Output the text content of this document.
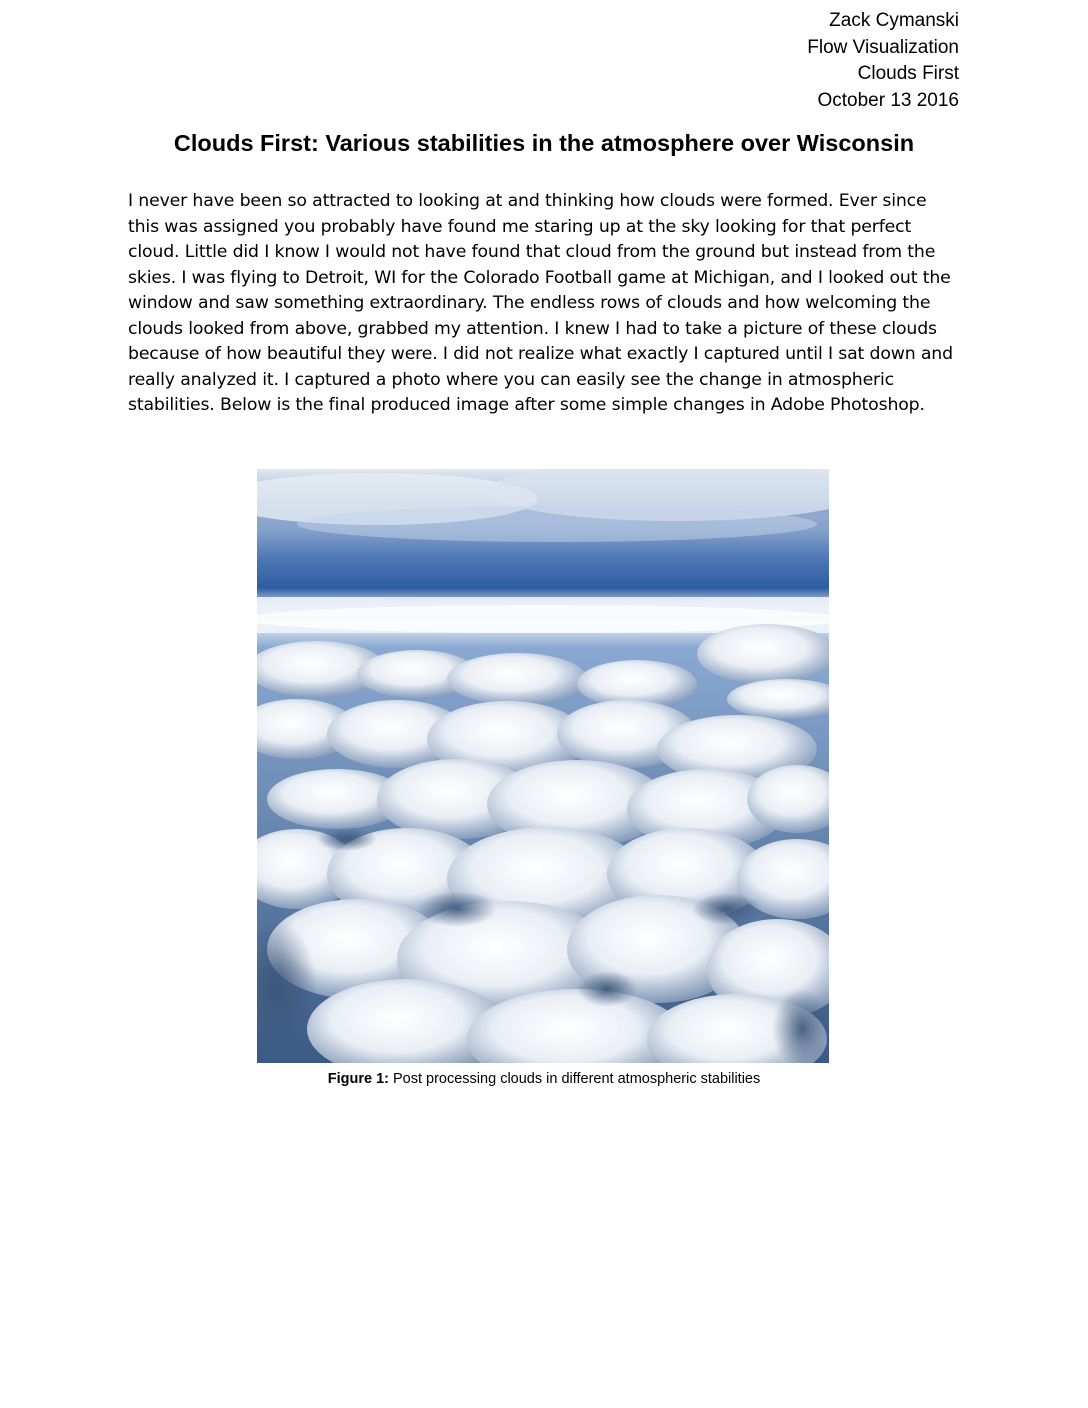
Zack Cymanski
Flow Visualization
Clouds First
October 13 2016
Clouds First: Various stabilities in the atmosphere over Wisconsin

I never have been so attracted to looking at and thinking how clouds were formed. Ever since this was assigned you probably have found me staring up at the sky looking for that perfect cloud. Little did I know I would not have found that cloud from the ground but instead from the skies. I was flying to Detroit, WI for the Colorado Football game at Michigan, and I looked out the window and saw something extraordinary. The endless rows of clouds and how welcoming the clouds looked from above, grabbed my attention. I knew I had to take a picture of these clouds because of how beautiful they were. I did not realize what exactly I captured until I sat down and really analyzed it. I captured a photo where you can easily see the change in atmospheric stabilities. Below is the final produced image after some simple changes in Adobe Photoshop.

Figure 1: Post processing clouds in different atmospheric stabilities
